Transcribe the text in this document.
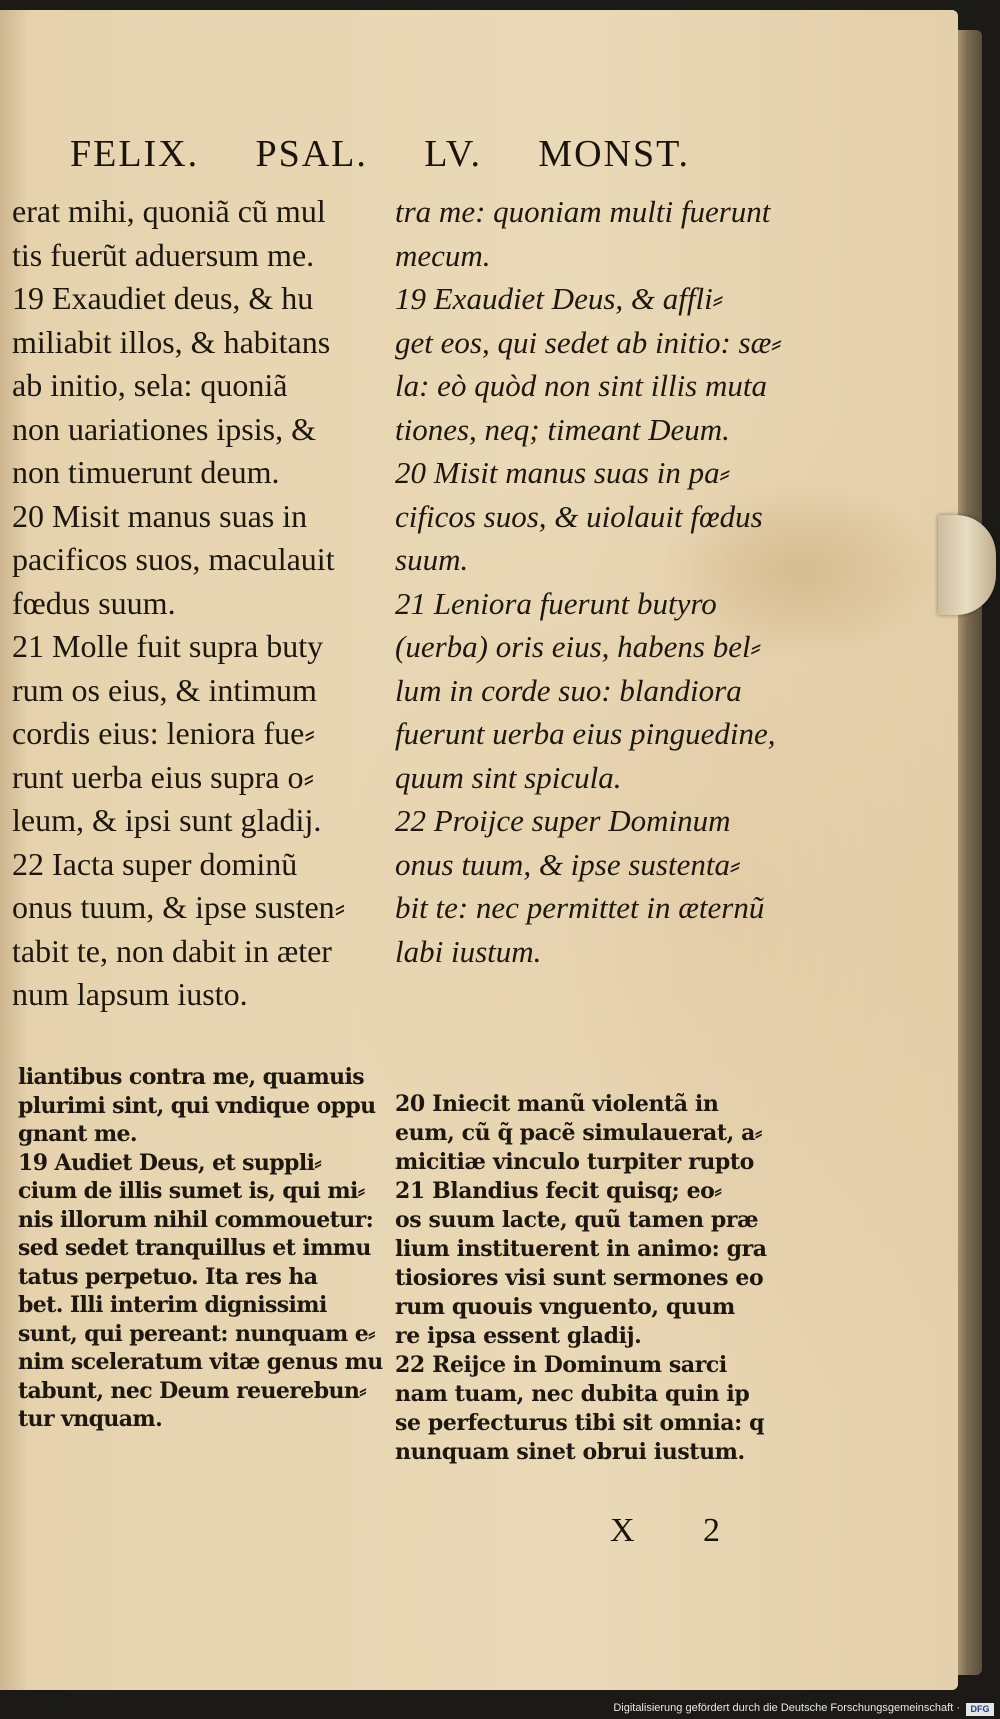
FELIX. PSAL. LV. MONST.
erat mihi, quoniã cũ mul
tis fuerũt aduersum me.
19 Exaudiet deus, & hu
miliabit illos, & habitans
ab initio, sela: quoniã
non uariationes ipsis, &
non timuerunt deum.
20 Misit manus suas in
pacificos suos, maculauit
fœdus suum.
21 Molle fuit supra buty
rum os eius, & intimum
cordis eius: leniora fue⸗
runt uerba eius supra o⸗
leum, & ipsi sunt gladij.
22 Iacta super dominũ
onus tuum, & ipse susten⸗
tabit te, non dabit in æter
num lapsum iusto.
tra me: quoniam multi fuerunt
mecum.
19 Exaudiet Deus, & affli⸗
get eos, qui sedet ab initio: sæ⸗
la: eò quòd non sint illis muta
tiones, neq; timeant Deum.
20 Misit manus suas in pa⸗
cificos suos, & uiolauit fœdus
suum.
21 Leniora fuerunt butyro
(uerba) oris eius, habens bel⸗
lum in corde suo: blandiora
fuerunt uerba eius pinguedine,
quum sint spicula.
22 Proijce super Dominum
onus tuum, & ipse sustenta⸗
bit te: nec permittet in æternũ
labi iustum.
liantibus contra me, quamuis
plurimi sint, qui vndique oppu
gnant me.
19 Audiet Deus, et suppli⸗
cium de illis sumet is, qui mi⸗
nis illorum nihil commouetur:
sed sedet tranquillus et immu
tatus perpetuo. Ita res ha
bet. Illi interim dignissimi
sunt, qui pereant: nunquam e⸗
nim sceleratum vitæ genus mu
tabunt, nec Deum reuerebun⸗
tur vnquam.
20 Iniecit manũ violentã in
eum, cũ q̃ pacẽ simulauerat, a⸗
micitiæ vinculo turpiter rupto
21 Blandius fecit quisq; eo⸗
os suum lacte, quũ tamen præ
lium instituerent in animo: gra
tiosiores visi sunt sermones eo
rum quouis vnguento, quum
re ipsa essent gladij.
22 Reijce in Dominum sarci
nam tuam, nec dubita quin ip
se perfecturus tibi sit omnia: q
nunquam sinet obrui iustum.
X 2
Digitalisierung gefördert durch die Deutsche Forschungsgemeinschaft ·	DFG
